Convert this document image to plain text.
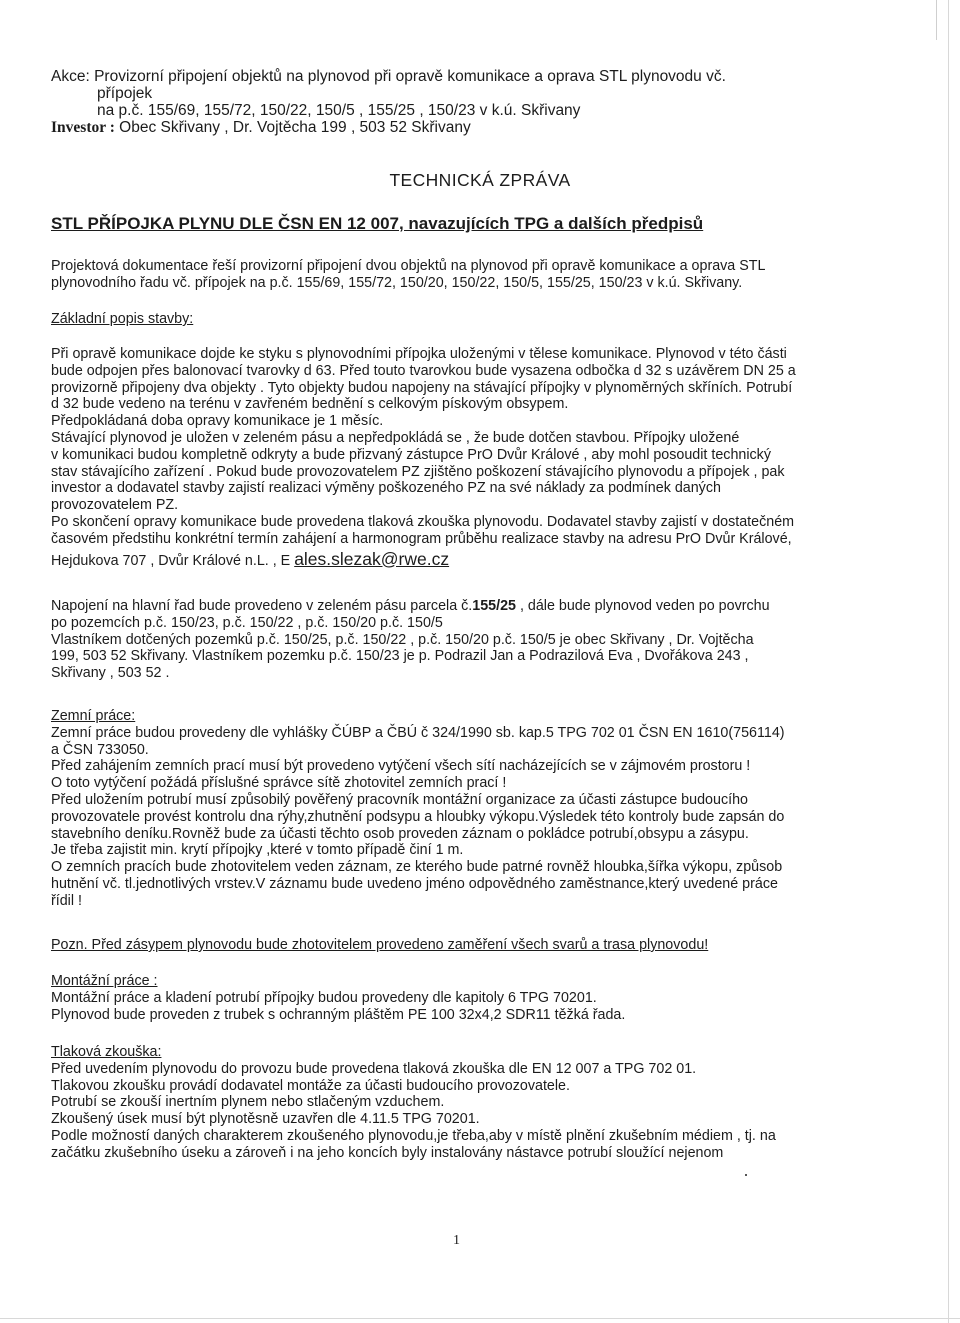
Akce: Provizorní připojení objektů na plynovod při opravě komunikace a oprava STL plynovodu vč.

přípojek

na p.č. 155/69, 155/72, 150/22, 150/5 , 155/25 , 150/23 v k.ú. Skřivany

Investor : Obec Skřivany , Dr. Vojtěcha 199 , 503 52 Skřivany

TECHNICKÁ ZPRÁVA
STL PŘÍPOJKA PLYNU DLE ČSN EN 12 007, navazujících TPG a dalších předpisů

Projektová dokumentace řeší provizorní připojení dvou objektů na plynovod při opravě komunikace a oprava STL

plynovodního řadu vč. přípojek na p.č. 155/69, 155/72, 150/20, 150/22, 150/5, 155/25, 150/23 v k.ú. Skřivany.

Základní popis stavby:

Při opravě komunikace dojde ke styku s plynovodními přípojka uloženými v tělese komunikace. Plynovod v této části

bude odpojen přes balonovací tvarovky d 63. Před touto tvarovkou bude vysazena odbočka d 32 s uzávěrem DN 25 a

provizorně připojeny dva objekty . Tyto objekty budou napojeny na stávající přípojky v plynoměrných skříních. Potrubí

d 32 bude vedeno na terénu v zavřeném bednění s celkovým pískovým obsypem.

Předpokládaná doba opravy komunikace je 1 měsíc.

Stávající plynovod je uložen v zeleném pásu a nepředpokládá se , že bude dotčen stavbou. Přípojky uložené

v komunikaci budou kompletně odkryty a bude přizvaný zástupce PrO Dvůr Králové , aby mohl posoudit technický

stav stávajícího zařízení . Pokud bude provozovatelem PZ zjištěno poškození stávajícího plynovodu a přípojek , pak

investor a dodavatel stavby zajistí realizaci výměny poškozeného PZ na své náklady za podmínek daných

provozovatelem PZ.

Po skončení opravy komunikace bude provedena tlaková zkouška plynovodu. Dodavatel stavby zajistí v dostatečném

časovém předstihu konkrétní termín zahájení a harmonogram průběhu realizace stavby na adresu PrO Dvůr Králové,

Hejdukova 707 , Dvůr Králové n.L. , E ales.slezak@rwe.cz

Napojení na hlavní řad bude provedeno v zeleném pásu parcela č.155/25 , dále bude plynovod veden po povrchu

po pozemcích p.č. 150/23, p.č. 150/22 , p.č. 150/20 p.č. 150/5

Vlastníkem dotčených pozemků p.č. 150/25, p.č. 150/22 , p.č. 150/20 p.č. 150/5 je obec Skřivany , Dr. Vojtěcha

199, 503 52 Skřivany. Vlastníkem pozemku p.č. 150/23 je p. Podrazil Jan a Podrazilová Eva , Dvořákova 243 ,

Skřivany , 503 52 .

Zemní práce:

Zemní práce budou provedeny dle vyhlášky ČÚBP a ČBÚ č 324/1990 sb. kap.5 TPG 702 01 ČSN EN 1610(756114)

a ČSN 733050.

Před zahájením zemních prací musí být provedeno vytýčení všech sítí nacházejících se v zájmovém prostoru !

O toto vytýčení požádá příslušné správce sítě zhotovitel zemních prací !

Před uložením potrubí musí způsobilý pověřený pracovník montážní organizace za účasti zástupce budoucího

provozovatele provést kontrolu dna rýhy,zhutnění podsypu a hloubky výkopu.Výsledek této kontroly bude zapsán do

stavebního deníku.Rovněž bude za účasti těchto osob proveden záznam o pokládce potrubí,obsypu a zásypu.

Je třeba zajistit min. krytí přípojky ,které v tomto případě činí 1 m.

O zemních pracích bude zhotovitelem veden záznam, ze kterého bude patrné rovněž hloubka,šířka výkopu, způsob

hutnění vč. tl.jednotlivých vrstev.V záznamu bude uvedeno jméno odpovědného zaměstnance,který uvedené práce

řídil !

Pozn. Před zásypem plynovodu bude zhotovitelem provedeno zaměření všech svarů a trasa plynovodu!

Montážní práce :

Montážní práce a kladení potrubí přípojky budou provedeny dle kapitoly 6 TPG 70201.

Plynovod bude proveden z trubek s ochranným pláštěm PE 100 32x4,2 SDR11 těžká řada.

Tlaková zkouška:

Před uvedením plynovodu do provozu bude provedena tlaková zkouška dle EN 12 007 a TPG 702 01.

Tlakovou zkoušku provádí dodavatel montáže za účasti budoucího provozovatele.

Potrubí se zkouší inertním plynem nebo stlačeným vzduchem.

Zkoušený úsek musí být plynotěsně uzavřen dle 4.11.5 TPG 70201.

Podle možností daných charakterem zkoušeného plynovodu,je třeba,aby v místě plnění zkušebním médiem , tj. na

začátku zkušebního úseku a zároveň i na jeho koncích byly instalovány nástavce potrubí sloužící nejenom

1
